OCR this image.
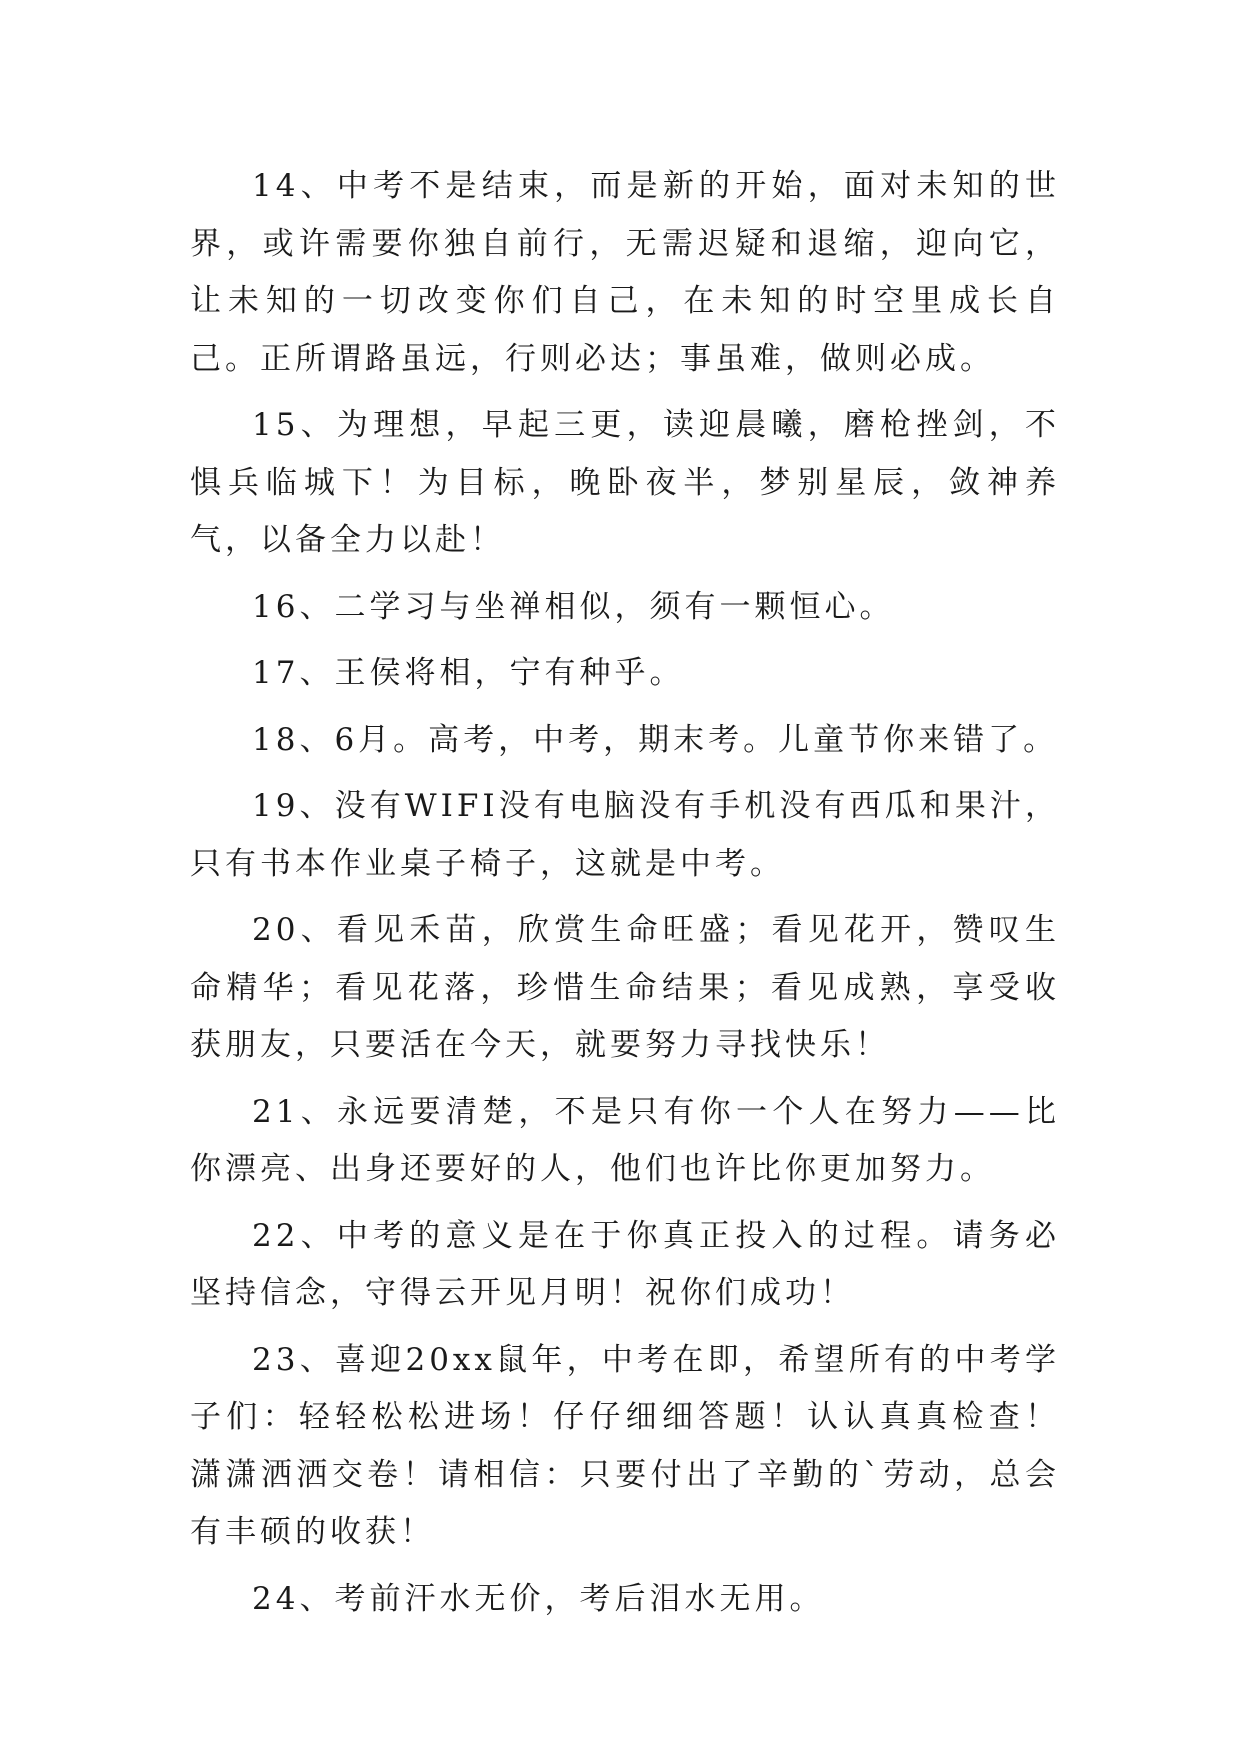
14、中考不是结束，而是新的开始，面对未知的世界，或许需要你独自前行，无需迟疑和退缩，迎向它，让未知的一切改变你们自己，在未知的时空里成长自己。正所谓路虽远，行则必达；事虽难，做则必成。

15、为理想，早起三更，读迎晨曦，磨枪挫剑，不惧兵临城下！为目标，晚卧夜半，梦别星辰，敛神养气，以备全力以赴！

16、二学习与坐禅相似，须有一颗恒心。

17、王侯将相，宁有种乎。

18、6月。高考，中考，期末考。儿童节你来错了。

19、没有WIFI没有电脑没有手机没有西瓜和果汁，只有书本作业桌子椅子，这就是中考。

20、看见禾苗，欣赏生命旺盛；看见花开，赞叹生命精华；看见花落，珍惜生命结果；看见成熟，享受收获朋友，只要活在今天，就要努力寻找快乐！

21、永远要清楚，不是只有你一个人在努力——比你漂亮、出身还要好的人，他们也许比你更加努力。

22、中考的意义是在于你真正投入的过程。请务必坚持信念，守得云开见月明！祝你们成功！

23、喜迎20xx鼠年，中考在即，希望所有的中考学子们：轻轻松松进场！仔仔细细答题！认认真真检查！潇潇洒洒交卷！请相信：只要付出了辛勤的`劳动，总会有丰硕的收获！

24、考前汗水无价，考后泪水无用。
